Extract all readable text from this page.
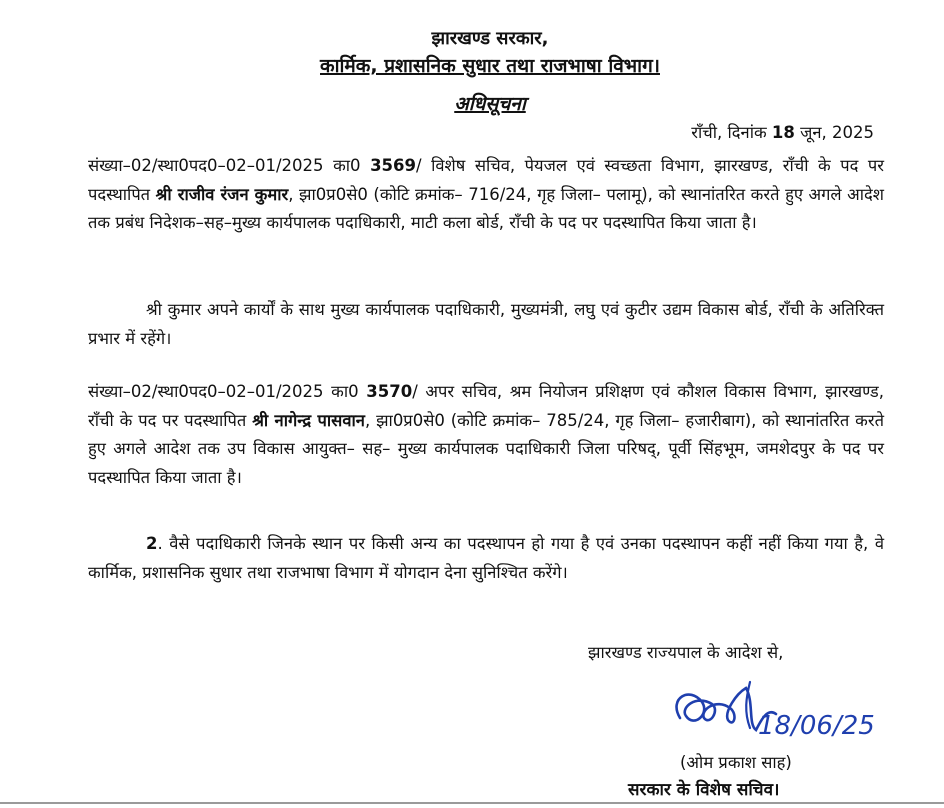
झारखण्ड सरकार,
कार्मिक, प्रशासनिक सुधार तथा राजभाषा विभाग।
अधिसूचना
राँची, दिनांक 18 जून, 2025
संख्या–02/स्था0पद0–02–01/2025 का0 3569/ विशेष सचिव, पेयजल एवं स्वच्छता विभाग, झारखण्ड, राँची के पद पर पदस्थापित श्री राजीव रंजन कुमार, झा0प्र0से0 (कोटि क्रमांक– 716/24, गृह जिला– पलामू), को स्थानांतरित करते हुए अगले आदेश तक प्रबंध निदेशक–सह–मुख्य कार्यपालक पदाधिकारी, माटी कला बोर्ड, राँची के पद पर पदस्थापित किया जाता है।
श्री कुमार अपने कार्यों के साथ मुख्य कार्यपालक पदाधिकारी, मुख्यमंत्री, लघु एवं कुटीर उद्यम विकास बोर्ड, राँची के अतिरिक्त प्रभार में रहेंगे।
संख्या–02/स्था0पद0–02–01/2025 का0 3570/ अपर सचिव, श्रम नियोजन प्रशिक्षण एवं कौशल विकास विभाग, झारखण्ड, राँची के पद पर पदस्थापित श्री नागेन्द्र पासवान, झा0प्र0से0 (कोटि क्रमांक– 785/24, गृह जिला– हजारीबाग), को स्थानांतरित करते हुए अगले आदेश तक उप विकास आयुक्त– सह– मुख्य कार्यपालक पदाधिकारी जिला परिषद्, पूर्वी सिंहभूम, जमशेदपुर के पद पर पदस्थापित किया जाता है।
2. वैसे पदाधिकारी जिनके स्थान पर किसी अन्य का पदस्थापन हो गया है एवं उनका पदस्थापन कहीं नहीं किया गया है, वे कार्मिक, प्रशासनिक सुधार तथा राजभाषा विभाग में योगदान देना सुनिश्चित करेंगे।
झारखण्ड राज्यपाल के आदेश से,
18/06/25
(ओम प्रकाश साह)
सरकार के विशेष सचिव।
